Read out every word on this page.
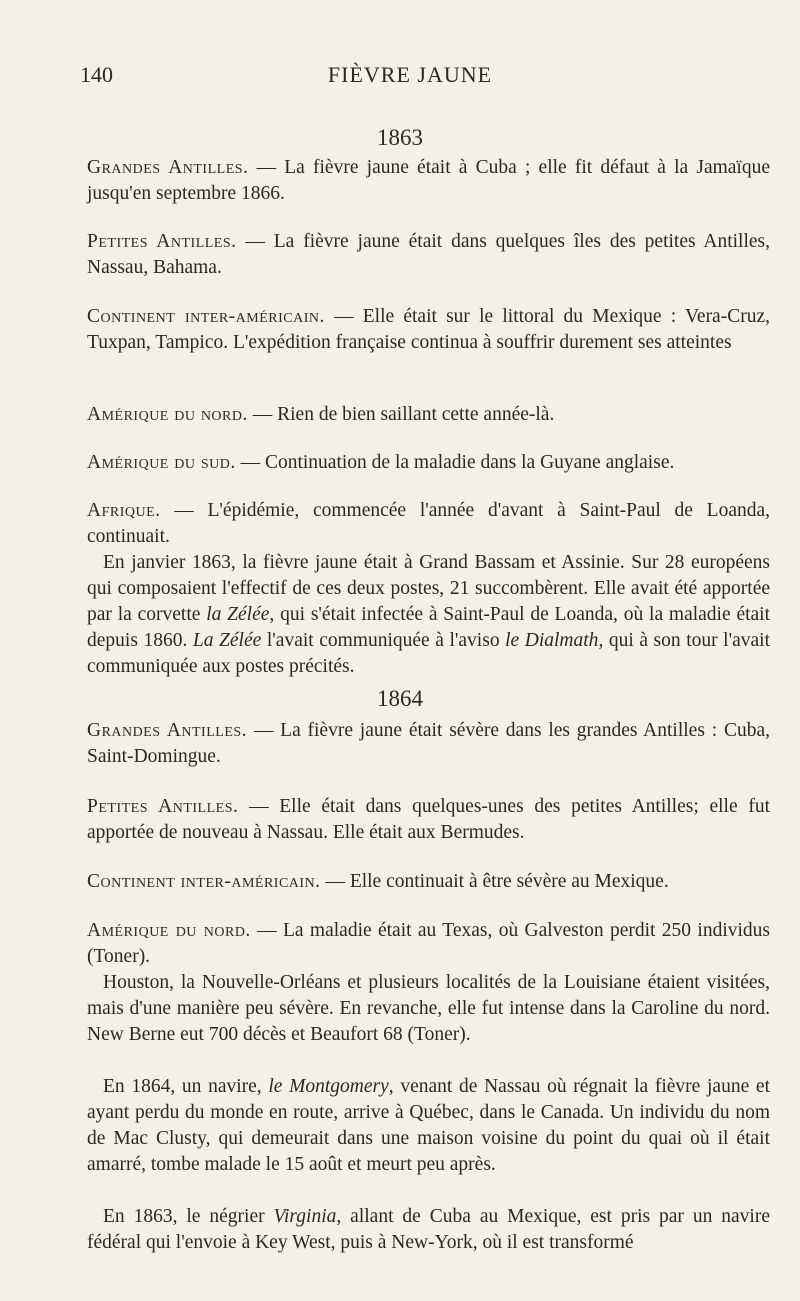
140	FIÈVRE JAUNE
1863

Grandes Antilles. — La fièvre jaune était à Cuba ; elle fit défaut à la Jamaïque jusqu'en septembre 1866.

Petites Antilles. — La fièvre jaune était dans quelques îles des petites Antilles, Nassau, Bahama.

Continent inter-américain. — Elle était sur le littoral du Mexique : Vera-Cruz, Tuxpan, Tampico. L'expédition française continua à souffrir durement ses atteintes

Amérique du nord. — Rien de bien saillant cette année-là.

Amérique du sud. — Continuation de la maladie dans la Guyane anglaise.

Afrique. — L'épidémie, commencée l'année d'avant à Saint-Paul de Loanda, continuait.

En janvier 1863, la fièvre jaune était à Grand Bassam et Assinie. Sur 28 européens qui composaient l'effectif de ces deux postes, 21 succombèrent. Elle avait été apportée par la corvette la Zélée, qui s'était infectée à Saint-Paul de Loanda, où la maladie était depuis 1860. La Zélée l'avait communiquée à l'aviso le Dialmath, qui à son tour l'avait communiquée aux postes précités.

1864

Grandes Antilles. — La fièvre jaune était sévère dans les grandes Antilles : Cuba, Saint-Domingue.

Petites Antilles. — Elle était dans quelques-unes des petites Antilles; elle fut apportée de nouveau à Nassau. Elle était aux Bermudes.

Continent inter-américain. — Elle continuait à être sévère au Mexique.

Amérique du nord. — La maladie était au Texas, où Galveston perdit 250 individus (Toner).

Houston, la Nouvelle-Orléans et plusieurs localités de la Louisiane étaient visitées, mais d'une manière peu sévère. En revanche, elle fut intense dans la Caroline du nord. New Berne eut 700 décès et Beaufort 68 (Toner).

En 1864, un navire, le Montgomery, venant de Nassau où régnait la fièvre jaune et ayant perdu du monde en route, arrive à Québec, dans le Canada. Un individu du nom de Mac Clusty, qui demeurait dans une maison voisine du point du quai où il était amarré, tombe malade le 15 août et meurt peu après.

En 1863, le négrier Virginia, allant de Cuba au Mexique, est pris par un navire fédéral qui l'envoie à Key West, puis à New-York, où il est transformé
